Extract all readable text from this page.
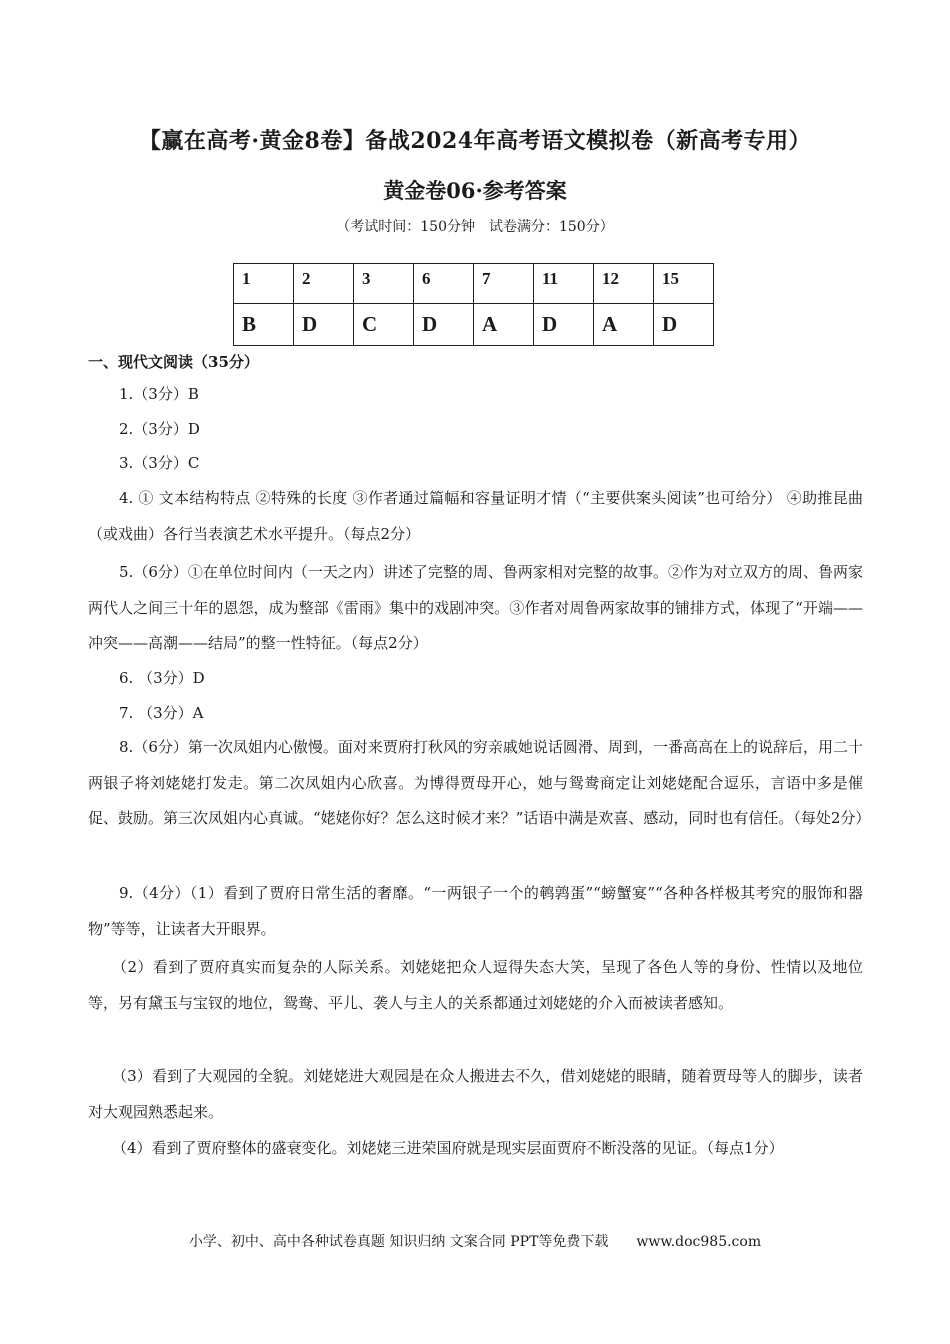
【赢在高考·黄金8卷】备战2024年高考语文模拟卷（新高考专用）
黄金卷06·参考答案
（考试时间：150分钟　试卷满分：150分）
1	2	3	6	7	11	12	15
B	D	C	D	A	D	A	D
一、现代文阅读（35分）
1.（3分）B
2.（3分）D
3.（3分）C
4. ① 文本结构特点 ②特殊的长度 ③作者通过篇幅和容量证明才情（“主要供案头阅读”也可给分） ④助推昆曲（或戏曲）各行当表演艺术水平提升。（每点2分）
5.（6分）①在单位时间内（一天之内）讲述了完整的周、鲁两家相对完整的故事。②作为对立双方的周、鲁两家两代人之间三十年的恩怨，成为整部《雷雨》集中的戏剧冲突。③作者对周鲁两家故事的铺排方式，体现了“开端——冲突——高潮——结局”的整一性特征。（每点2分）
6. （3分）D
7. （3分）A
8.（6分）第一次凤姐内心傲慢。面对来贾府打秋风的穷亲戚她说话圆滑、周到，一番高高在上的说辞后，用二十两银子将刘姥姥打发走。第二次凤姐内心欣喜。为博得贾母开心，她与鸳鸯商定让刘姥姥配合逗乐，言语中多是催促、鼓励。第三次凤姐内心真诚。“姥姥你好？怎么这时候才来？”话语中满是欢喜、感动，同时也有信任。（每处2分）
9.（4分）（1）看到了贾府日常生活的奢靡。“一两银子一个的鹌鹑蛋”“螃蟹宴”“各种各样极其考究的服饰和器物”等等，让读者大开眼界。
（2）看到了贾府真实而复杂的人际关系。刘姥姥把众人逗得失态大笑，呈现了各色人等的身份、性情以及地位等，另有黛玉与宝钗的地位，鸳鸯、平儿、袭人与主人的关系都通过刘姥姥的介入而被读者感知。
（3）看到了大观园的全貌。刘姥姥进大观园是在众人搬进去不久，借刘姥姥的眼睛，随着贾母等人的脚步，读者对大观园熟悉起来。
（4）看到了贾府整体的盛衰变化。刘姥姥三进荣国府就是现实层面贾府不断没落的见证。（每点1分）
小学、初中、高中各种试卷真题 知识归纳 文案合同 PPT等免费下载　　www.doc985.com
